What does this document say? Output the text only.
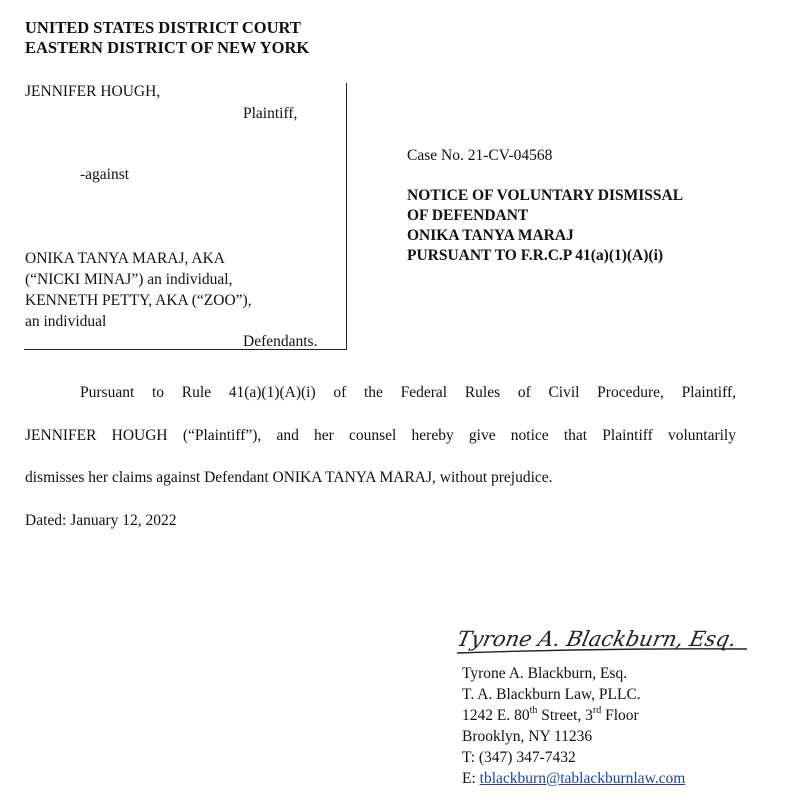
UNITED STATES DISTRICT COURT
EASTERN DISTRICT OF NEW YORK
JENNIFER HOUGH,
Plaintiff,
-against
ONIKA TANYA MARAJ, AKA
(“NICKI MINAJ”) an individual,
KENNETH PETTY, AKA (“ZOO”),
an individual
Defendants.
Case No. 21-CV-04568
NOTICE OF VOLUNTARY DISMISSAL
OF DEFENDANT
ONIKA TANYA MARAJ
PURSUANT TO F.R.C.P 41(a)(1)(A)(i)
Pursuant to Rule 41(a)(1)(A)(i) of the Federal Rules of Civil Procedure, Plaintiff,
JENNIFER HOUGH (“Plaintiff”), and her counsel hereby give notice that Plaintiff voluntarily
dismisses her claims against Defendant ONIKA TANYA MARAJ, without prejudice.
Dated: January 12, 2022
Tyrone A. Blackburn, Esq.
Tyrone A. Blackburn, Esq.
T. A. Blackburn Law, PLLC.
1242 E. 80th Street, 3rd Floor
Brooklyn, NY 11236
T: (347) 347-7432
E: tblackburn@tablackburnlaw.com
